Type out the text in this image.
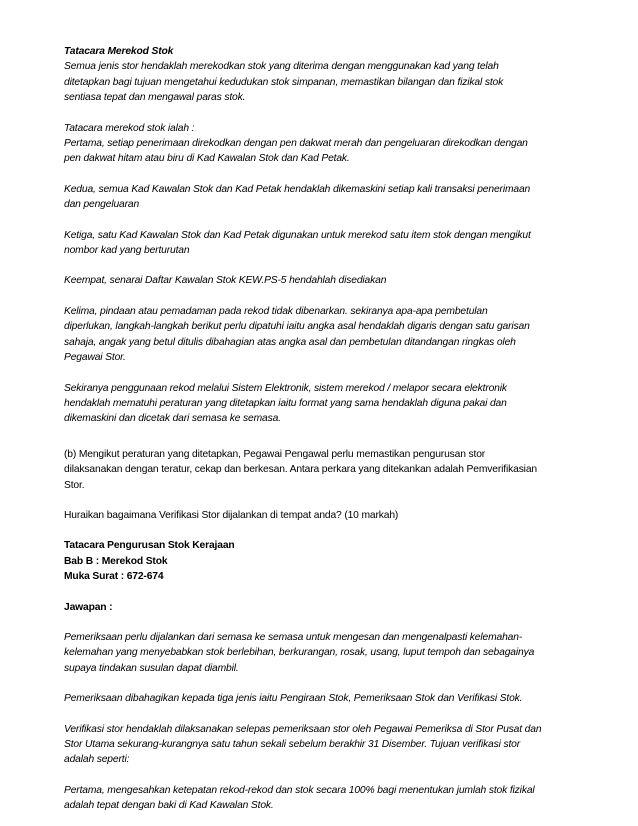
Tatacara Merekod Stok
Semua jenis stor hendaklah merekodkan stok yang diterima dengan menggunakan kad yang telah
ditetapkan bagi tujuan mengetahui kedudukan stok simpanan, memastikan bilangan dan fizikal stok
sentiasa tepat dan mengawal paras stok.
Tatacara merekod stok ialah :
Pertama, setiap penerimaan direkodkan dengan pen dakwat merah dan pengeluaran direkodkan dengan
pen dakwat hitam atau biru di Kad Kawalan Stok dan Kad Petak.
Kedua, semua Kad Kawalan Stok dan Kad Petak hendaklah dikemaskini setiap kali transaksi penerimaan
dan pengeluaran
Ketiga, satu Kad Kawalan Stok dan Kad Petak digunakan untuk merekod satu item stok dengan mengikut
nombor kad yang berturutan
Keempat, senarai Daftar Kawalan Stok KEW.PS-5 hendahlah disediakan
Kelima, pindaan atau pemadaman pada rekod tidak dibenarkan. sekiranya apa-apa pembetulan
diperlukan, langkah-langkah berikut perlu dipatuhi iaitu angka asal hendaklah digaris dengan satu garisan
sahaja, angak yang betul ditulis dibahagian atas angka asal dan pembetulan ditandangan ringkas oleh
Pegawai Stor.
Sekiranya penggunaan rekod melalui Sistem Elektronik, sistem merekod / melapor secara elektronik
hendaklah mematuhi peraturan yang ditetapkan iaitu format yang sama hendaklah diguna pakai dan
dikemaskini dan dicetak dari semasa ke semasa.
(b) Mengikut peraturan yang ditetapkan, Pegawai Pengawal perlu memastikan pengurusan stor
dilaksanakan dengan teratur, cekap dan berkesan. Antara perkara yang ditekankan adalah Pemverifikasian
Stor.
Huraikan bagaimana Verifikasi Stor dijalankan di tempat anda? (10 markah)
Tatacara Pengurusan Stok Kerajaan
Bab B : Merekod Stok
Muka Surat : 672-674
Jawapan :
Pemeriksaan perlu dijalankan dari semasa ke semasa untuk mengesan dan mengenalpasti kelemahan-
kelemahan yang menyebabkan stok berlebihan, berkurangan, rosak, usang, luput tempoh dan sebagainya
supaya tindakan susulan dapat diambil.
Pemeriksaan dibahagikan kepada tiga jenis iaitu Pengiraan Stok, Pemeriksaan Stok dan Verifikasi Stok.
Verifikasi stor hendaklah dilaksanakan selepas pemeriksaan stor oleh Pegawai Pemeriksa di Stor Pusat dan
Stor Utama sekurang-kurangnya satu tahun sekali sebelum berakhir 31 Disember. Tujuan verifikasi stor
adalah seperti:
Pertama, mengesahkan ketepatan rekod-rekod dan stok secara 100% bagi menentukan jumlah stok fizikal
adalah tepat dengan baki di Kad Kawalan Stok.
